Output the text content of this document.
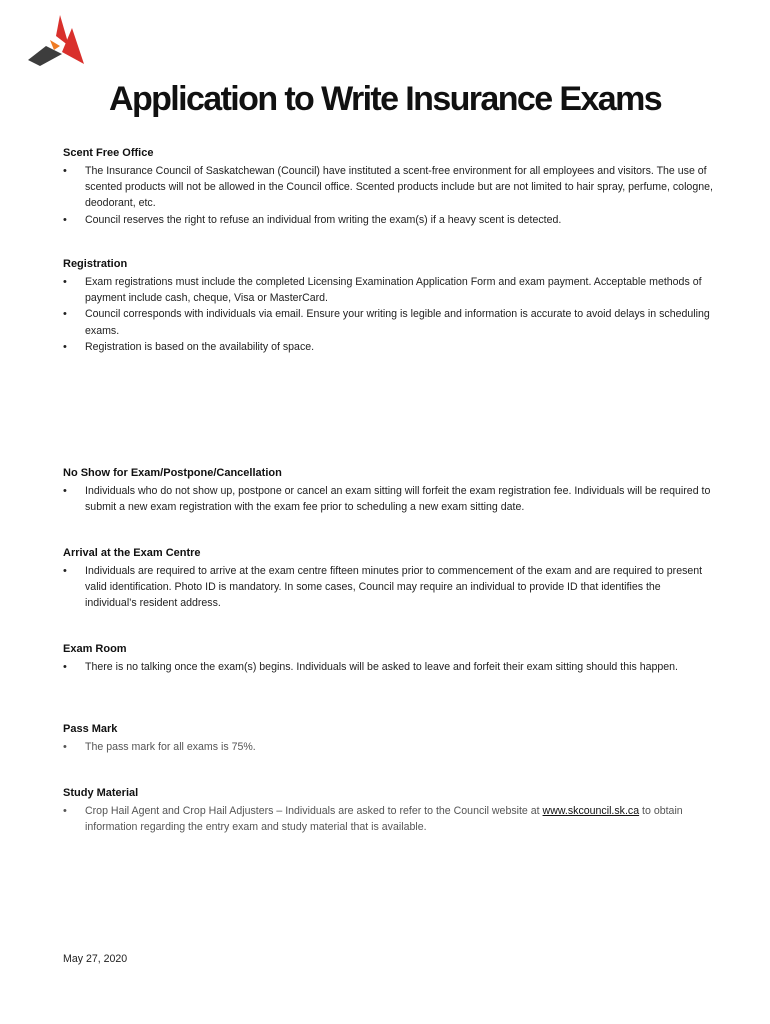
Application to Write Insurance Exams
Scent Free Office
• The Insurance Council of Saskatchewan (Council) have instituted a scent-free environment for all employees and visitors. The use of scented products will not be allowed in the Council office. Scented products include but are not limited to hair spray, perfume, cologne, deodorant, etc.
• Council reserves the right to refuse an individual from writing the exam(s) if a heavy scent is detected.
Registration
• Exam registrations must include the completed Licensing Examination Application Form and exam payment. Acceptable methods of payment include cash, cheque, Visa or MasterCard.
• Council corresponds with individuals via email. Ensure your writing is legible and information is accurate to avoid delays in scheduling exams.
• Registration is based on the availability of space.
No Show for Exam/Postpone/Cancellation
• Individuals who do not show up, postpone or cancel an exam sitting will forfeit the exam registration fee. Individuals will be required to submit a new exam registration with the exam fee prior to scheduling a new exam sitting date.
Arrival at the Exam Centre
• Individuals are required to arrive at the exam centre fifteen minutes prior to commencement of the exam and are required to present valid identification. Photo ID is mandatory. In some cases, Council may require an individual to provide ID that identifies the individual’s resident address.
Exam Room
• There is no talking once the exam(s) begins. Individuals will be asked to leave and forfeit their exam sitting should this happen.
Pass Mark
• The pass mark for all exams is 75%.
Study Material
• Crop Hail Agent and Crop Hail Adjusters – Individuals are asked to refer to the Council website at www.skcouncil.sk.ca to obtain information regarding the entry exam and study material that is available.
May 27, 2020
